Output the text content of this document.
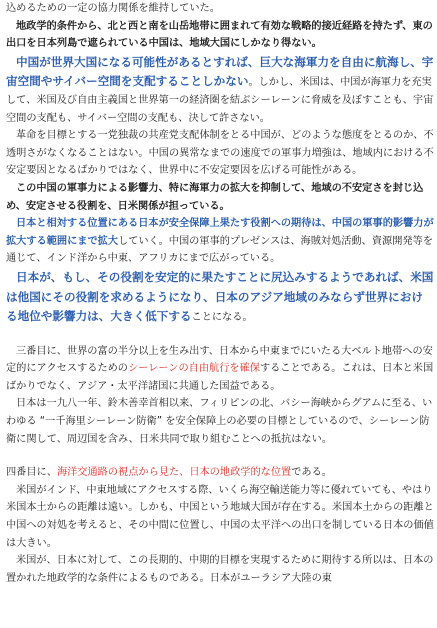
込めるための一定の協力関係を維持していた。

地政学的条件から、北と西と南を山岳地帯に囲まれて有効な戦略的接近経路を持たず、東の出口を日本列島で遮られている中国は、地域大国にしかなり得ない。

中国が世界大国になる可能性があるとすれば、巨大な海軍力を自由に航海し、宇宙空間やサイバー空間を支配することしかない。しかし、米国は、中国が海軍力を充実して、米国及び自由主義国と世界第一の経済圏を結ぶシーレーンに脅威を及ぼすことも、宇宙空間の支配も、サイバー空間の支配も、決して許さない。

革命を目標とする一党独裁の共産党支配体制をとる中国が、どのような態度をとるのか、不透明さがなくなることはない。中国の異常なまでの速度での軍事力増強は、地域内における不安定要因となるばかりではなく、世界中に不安定要因を広げる可能性がある。

この中国の軍事力による影響力、特に海軍力の拡大を抑制して、地域の不安定さを封じ込め、安定させる役割を、日米関係が担っている。

日本と相対する位置にある日本が安全保障上果たす役割への期待は、中国の軍事的影響力が拡大する範囲にまで拡大していく。中国の軍事的プレゼンスは、海賊対処活動、資源開発等を通じて、インド洋から中東、アフリカにまで広がっている。

日本が、もし、その役割を安定的に果たすことに尻込みするようであれば、米国は他国にその役割を求めるようになり、日本のアジア地域のみならず世界における地位や影響力は、大きく低下することになる。

三番目に、世界の富の半分以上を生み出す、日本から中東までにいたる大ベルト地帯への安定的にアクセスするためのシーレーンの自由航行を確保することである。これは、日本と米国ばかりでなく、アジア・太平洋諸国に共通した国益である。

日本は一九八一年、鈴木善幸首相以来、フィリピンの北、バシー海峡からグアムに至る、いわゆる “一千海里シーレーン防衛” を安全保障上の必要の目標としているので、シーレーン防衛に関して、周辺国を含み、日米共同で取り組むことへの抵抗はない。

四番目に、海洋交通路の視点から見た、日本の地政学的な位置である。

米国がインド、中東地域にアクセスする際、いくら海空輸送能力等に優れていても、やはり米国本土からの距離は遠い。しかも、中国という地域大国が存在する。米国本土からの距離と中国への対処を考えると、その中間に位置し、中国の太平洋への出口を制している日本の価値は大きい。

米国が、日本に対して、この長期的、中期的目標を実現するために期待する所以は、日本の置かれた地政学的な条件によるものである。日本がユーラシア大陸の東
